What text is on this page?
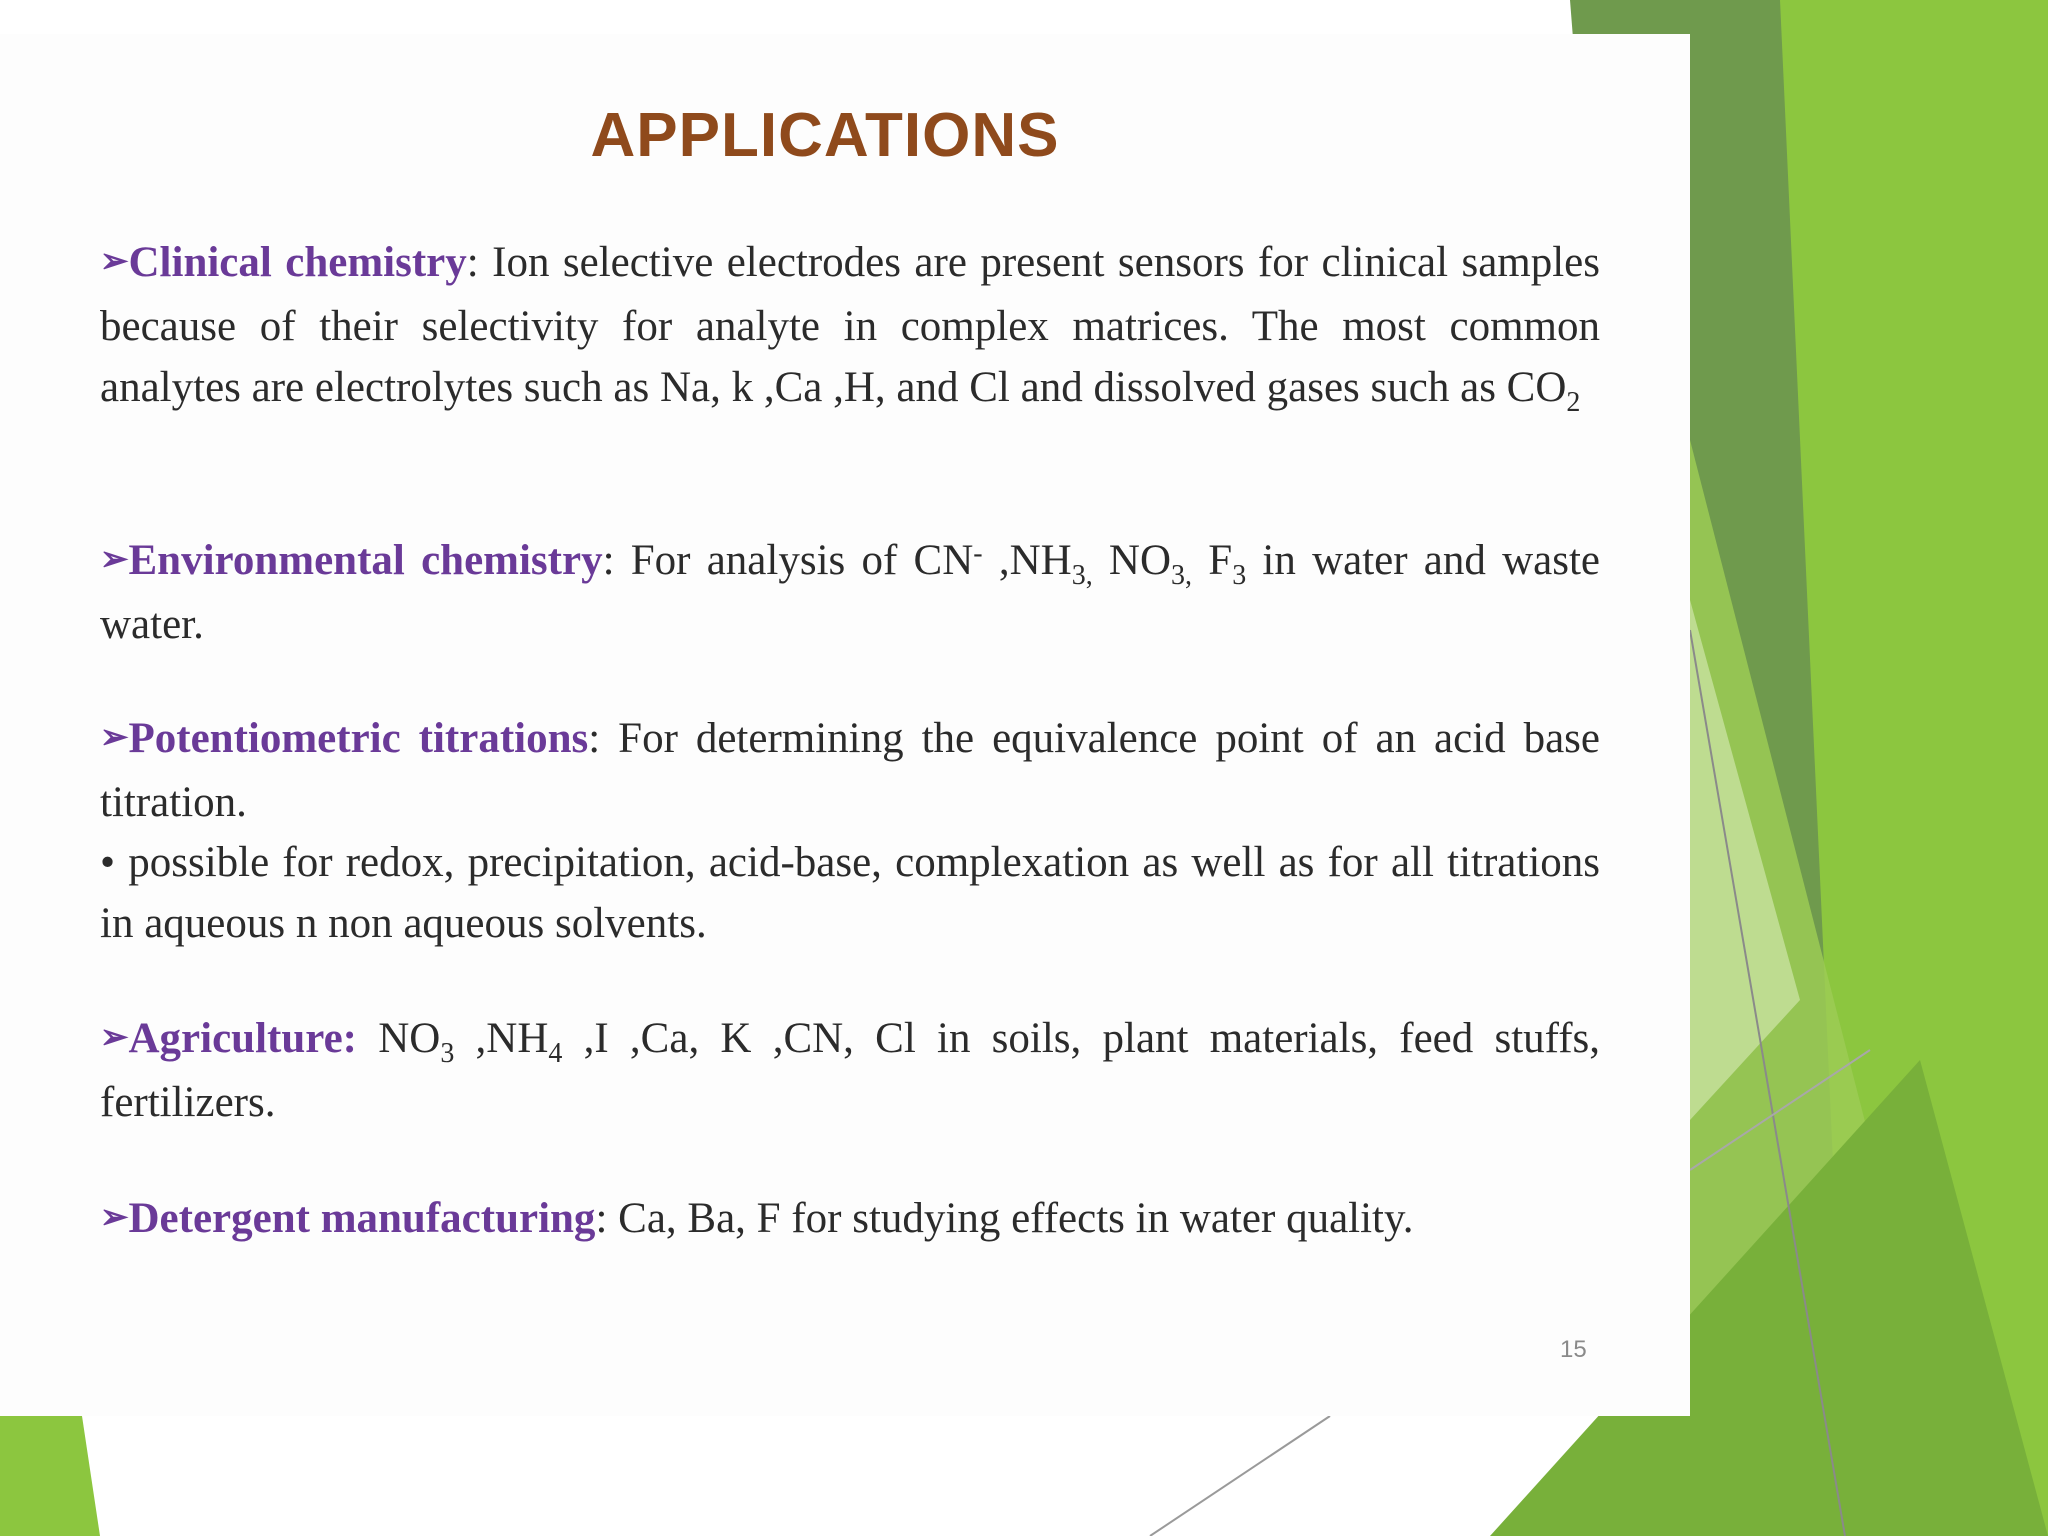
APPLICATIONS
➢Clinical chemistry: Ion selective electrodes are present sensors for clinical samples because of their selectivity for analyte in complex matrices. The most common analytes are electrolytes such as Na, k ,Ca ,H, and Cl and dissolved gases such as $CO_2$
➢Environmental chemistry: For analysis of CN- $,NH_{3,}$ $NO_{3,}$ $F_3$ in water and waste water.
➢Potentiometric titrations: For determining the equivalence point of an acid base titration.
• possible for redox, precipitation, acid-base, complexation as well as for all titrations in aqueous n non aqueous solvents.
➢Agriculture: $NO_3$ $,NH_4$ ,I ,Ca, K ,CN, Cl in soils, plant materials, feed stuffs, fertilizers.
➢Detergent manufacturing: Ca, Ba, F for studying effects in water quality.
15
